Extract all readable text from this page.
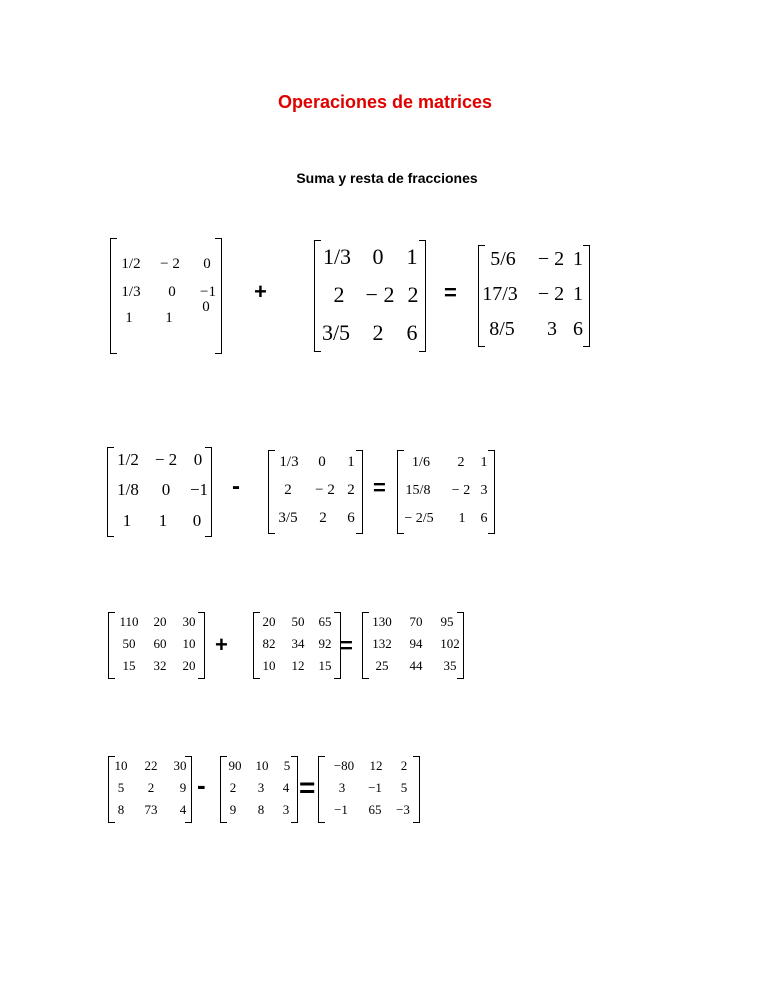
Operaciones de matrices
Suma y resta de fracciones
1/2 − 2 0
1/3 0 −1
1 1
0
+
1/3 0 1
2 − 2 2
3/5 2 6
=
5/6 − 2 1
17/3 − 2 1
8/5 3 6
1/2 − 2 0
1/8 0 −1
1 1 0
-
1/3 0 1
2 − 2 2
3/5 2 6
=
1/6 2 1
15/8 − 2 3
− 2/5 1 6
110 20 30
50 60 10
15 32 20
+
20 50 65
82 34 92
10 12 15
=
130 70 95
132 94 102
25 44 35
10 22 30
5 2 9
8 73 4
-
90 10 5
2 3 4
9 8 3
=
−80 12 2
3 −1 5
−1 65 −3
